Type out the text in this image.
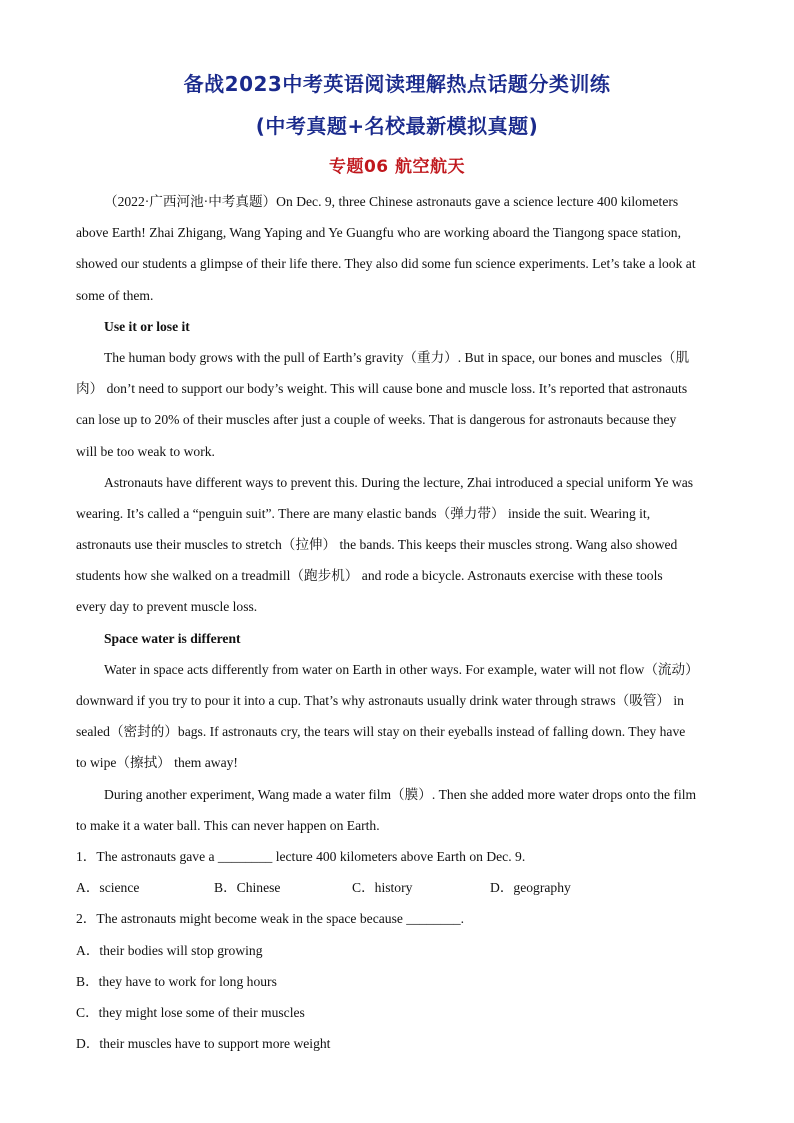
备战2023中考英语阅读理解热点话题分类训练
(中考真题+名校最新模拟真题)
专题06 航空航天
（2022·广西河池·中考真题）On Dec. 9, three Chinese astronauts gave a science lecture 400 kilometers
above Earth! Zhai Zhigang, Wang Yaping and Ye Guangfu who are working aboard the Tiangong space station,
showed our students a glimpse of their life there. They also did some fun science experiments. Let’s take a look at
some of them.
Use it or lose it
The human body grows with the pull of Earth’s gravity（重力）. But in space, our bones and muscles（肌
肉） don’t need to support our body’s weight. This will cause bone and muscle loss. It’s reported that astronauts
can lose up to 20% of their muscles after just a couple of weeks. That is dangerous for astronauts because they
will be too weak to work.
Astronauts have different ways to prevent this. During the lecture, Zhai introduced a special uniform Ye was
wearing. It’s called a “penguin suit”. There are many elastic bands（弹力带） inside the suit. Wearing it,
astronauts use their muscles to stretch（拉伸） the bands. This keeps their muscles strong. Wang also showed
students how she walked on a treadmill（跑步机） and rode a bicycle. Astronauts exercise with these tools
every day to prevent muscle loss.
Space water is different
Water in space acts differently from water on Earth in other ways. For example, water will not flow（流动）
downward if you try to pour it into a cup. That’s why astronauts usually drink water through straws（吸管） in
sealed（密封的）bags. If astronauts cry, the tears will stay on their eyeballs instead of falling down. They have
to wipe（擦拭） them away!
During another experiment, Wang made a water film（膜）. Then she added more water drops onto the film
to make it a water ball. This can never happen on Earth.
1．The astronauts gave a ________ lecture 400 kilometers above Earth on Dec. 9.
A．science	B．Chinese	C．history	D．geography
2．The astronauts might become weak in the space because ________.
A．their bodies will stop growing
B．they have to work for long hours
C．they might lose some of their muscles
D．their muscles have to support more weight
